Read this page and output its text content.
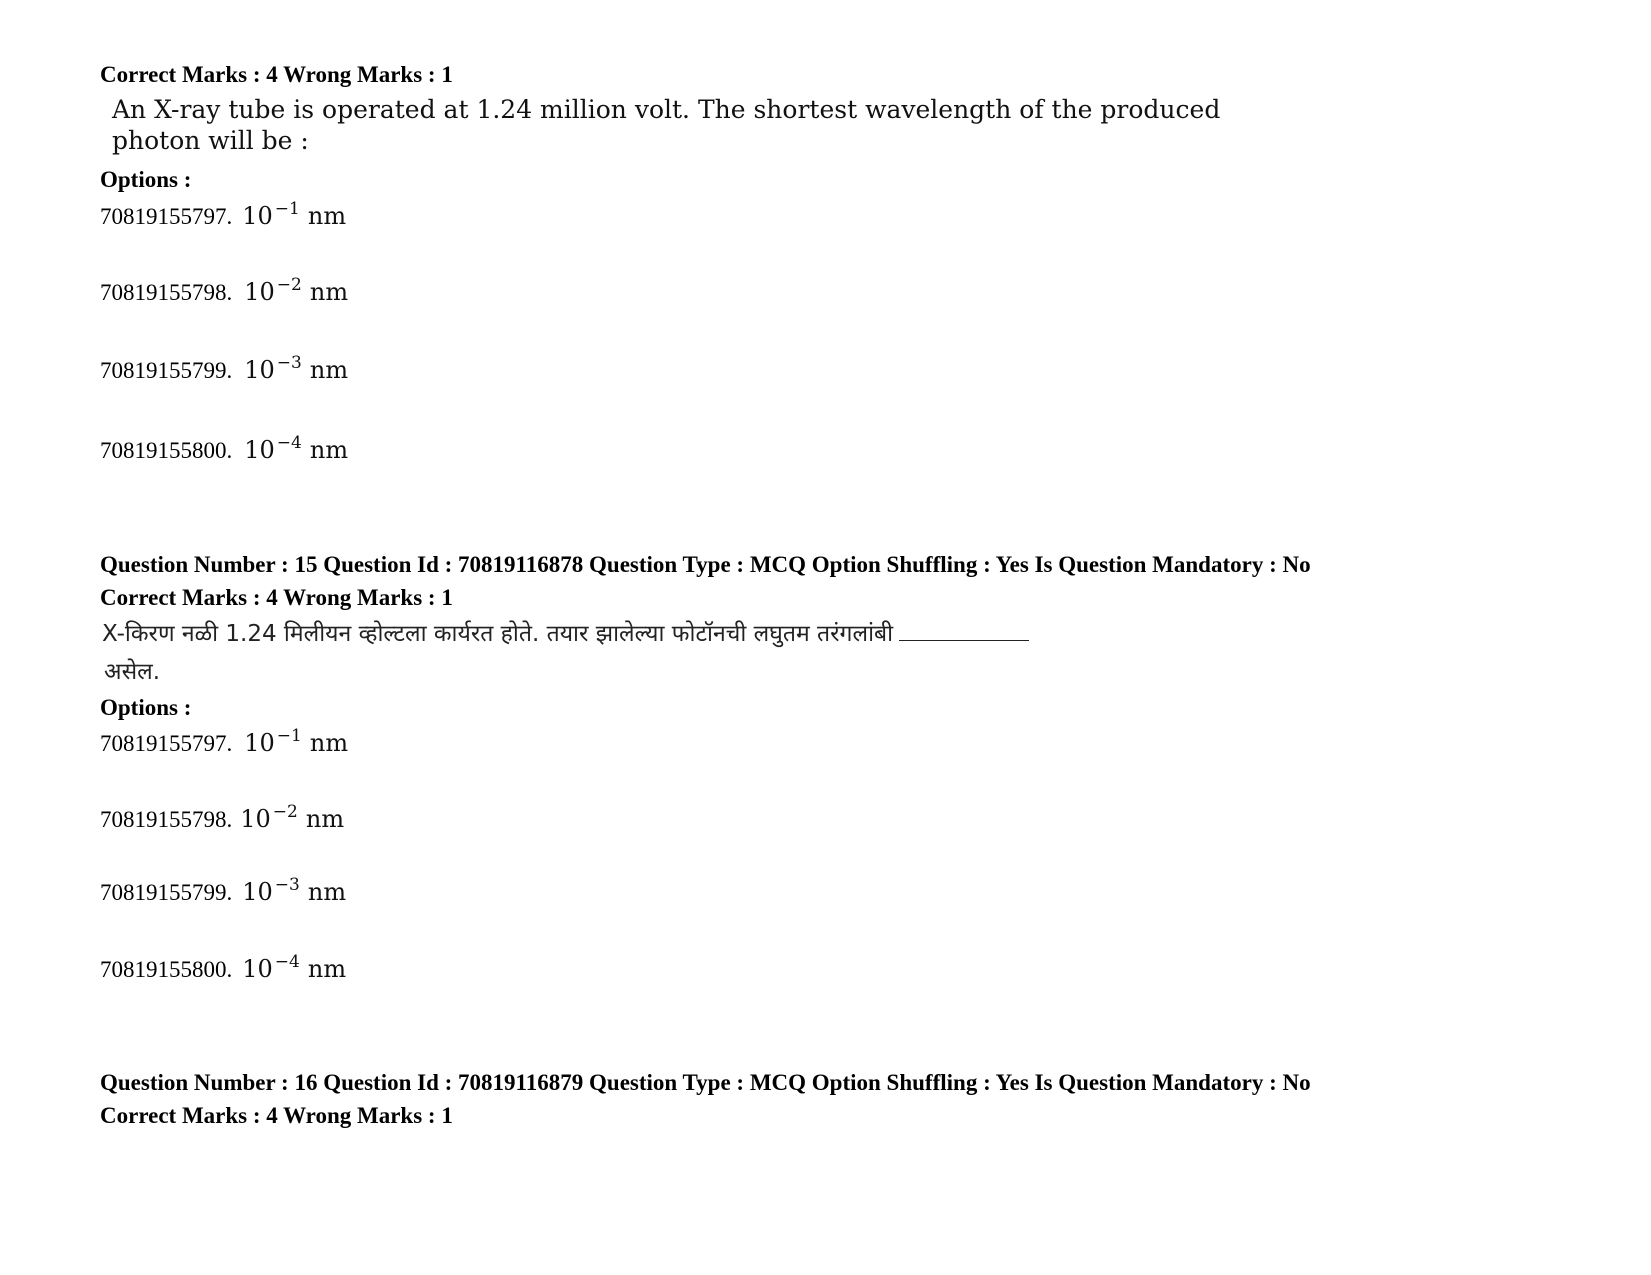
Correct Marks : 4 Wrong Marks : 1
An X-ray tube is operated at 1.24 million volt. The shortest wavelength of the produced
photon will be :
Options :
70819155797. 10 $^{-1}$ nm
70819155798. 10 $^{-2}$ nm
70819155799. 10 $^{-3}$ nm
70819155800. 10 $^{-4}$ nm
Question Number : 15 Question Id : 70819116878 Question Type : MCQ Option Shuffling : Yes Is Question Mandatory : No
Correct Marks : 4 Wrong Marks : 1
X-किरण नळी 1.24 मिलीयन व्होल्टला कार्यरत होते. तयार झालेल्या फोटॉनची लघुतम तरंगलांबी
असेल.
Options :
70819155797. 10 $^{-1}$ nm
70819155798. 10 $^{-2}$ nm
70819155799. 10 $^{-3}$ nm
70819155800. 10 $^{-4}$ nm
Question Number : 16 Question Id : 70819116879 Question Type : MCQ Option Shuffling : Yes Is Question Mandatory : No
Correct Marks : 4 Wrong Marks : 1
